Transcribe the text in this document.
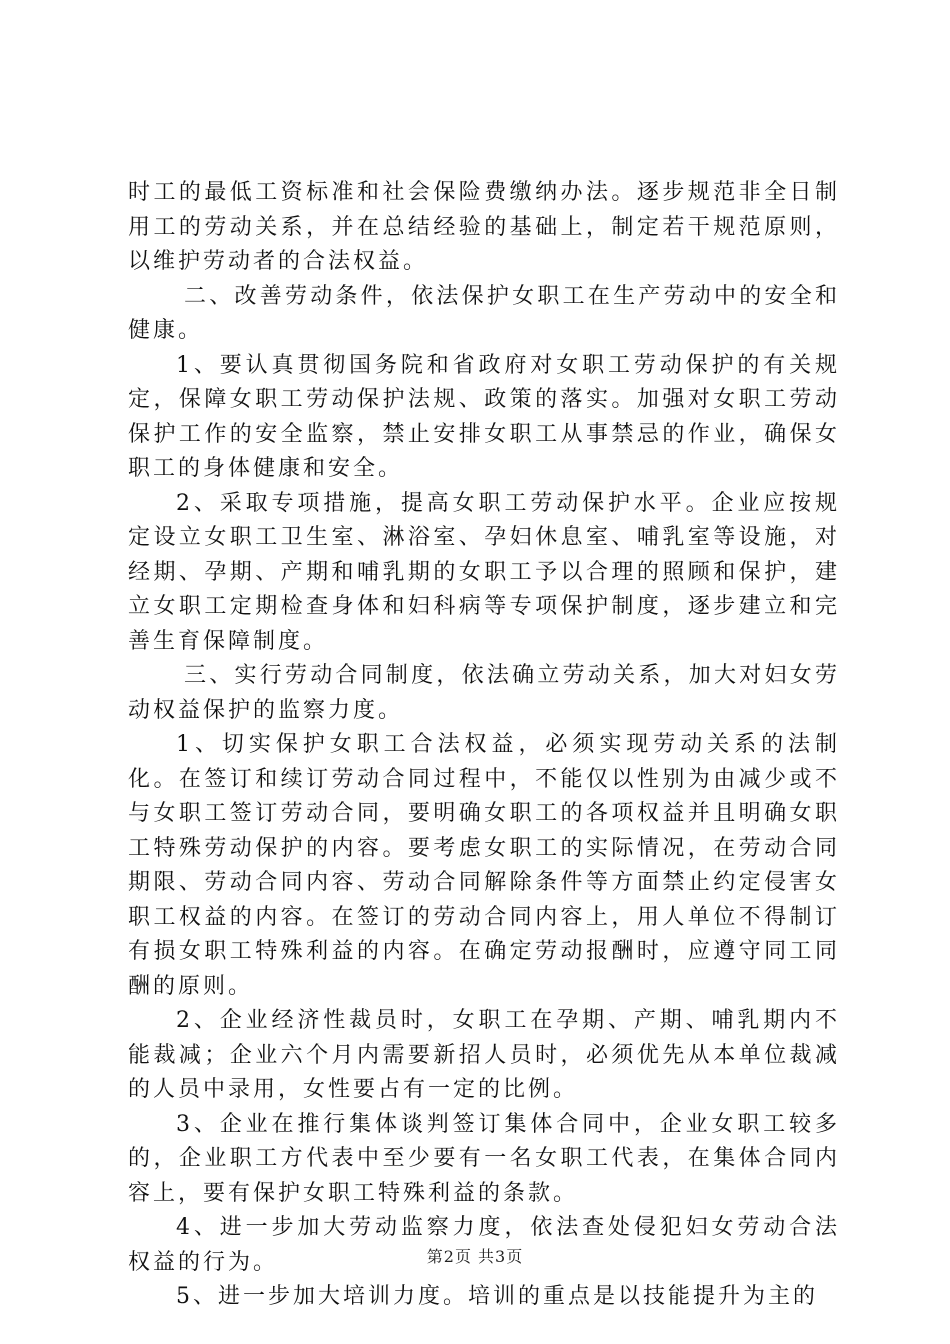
时工的最低工资标准和社会保险费缴纳办法。逐步规范非全日制用工的劳动关系，并在总结经验的基础上，制定若干规范原则，以维护劳动者的合法权益。

二、改善劳动条件，依法保护女职工在生产劳动中的安全和健康。

1、要认真贯彻国务院和省政府对女职工劳动保护的有关规定，保障女职工劳动保护法规、政策的落实。加强对女职工劳动保护工作的安全监察，禁止安排女职工从事禁忌的作业，确保女职工的身体健康和安全。

2、采取专项措施，提高女职工劳动保护水平。企业应按规定设立女职工卫生室、淋浴室、孕妇休息室、哺乳室等设施，对经期、孕期、产期和哺乳期的女职工予以合理的照顾和保护，建立女职工定期检查身体和妇科病等专项保护制度，逐步建立和完善生育保障制度。

三、实行劳动合同制度，依法确立劳动关系，加大对妇女劳动权益保护的监察力度。

1、切实保护女职工合法权益，必须实现劳动关系的法制化。在签订和续订劳动合同过程中，不能仅以性别为由减少或不与女职工签订劳动合同，要明确女职工的各项权益并且明确女职工特殊劳动保护的内容。要考虑女职工的实际情况，在劳动合同期限、劳动合同内容、劳动合同解除条件等方面禁止约定侵害女职工权益的内容。在签订的劳动合同内容上，用人单位不得制订有损女职工特殊利益的内容。在确定劳动报酬时，应遵守同工同酬的原则。

2、企业经济性裁员时，女职工在孕期、产期、哺乳期内不能裁减；企业六个月内需要新招人员时，必须优先从本单位裁减的人员中录用，女性要占有一定的比例。

3、企业在推行集体谈判签订集体合同中，企业女职工较多的，企业职工方代表中至少要有一名女职工代表，在集体合同内容上，要有保护女职工特殊利益的条款。

4、进一步加大劳动监察力度，依法查处侵犯妇女劳动合法权益的行为。

5、进一步加大培训力度。培训的重点是以技能提升为主的

第2页 共3页
